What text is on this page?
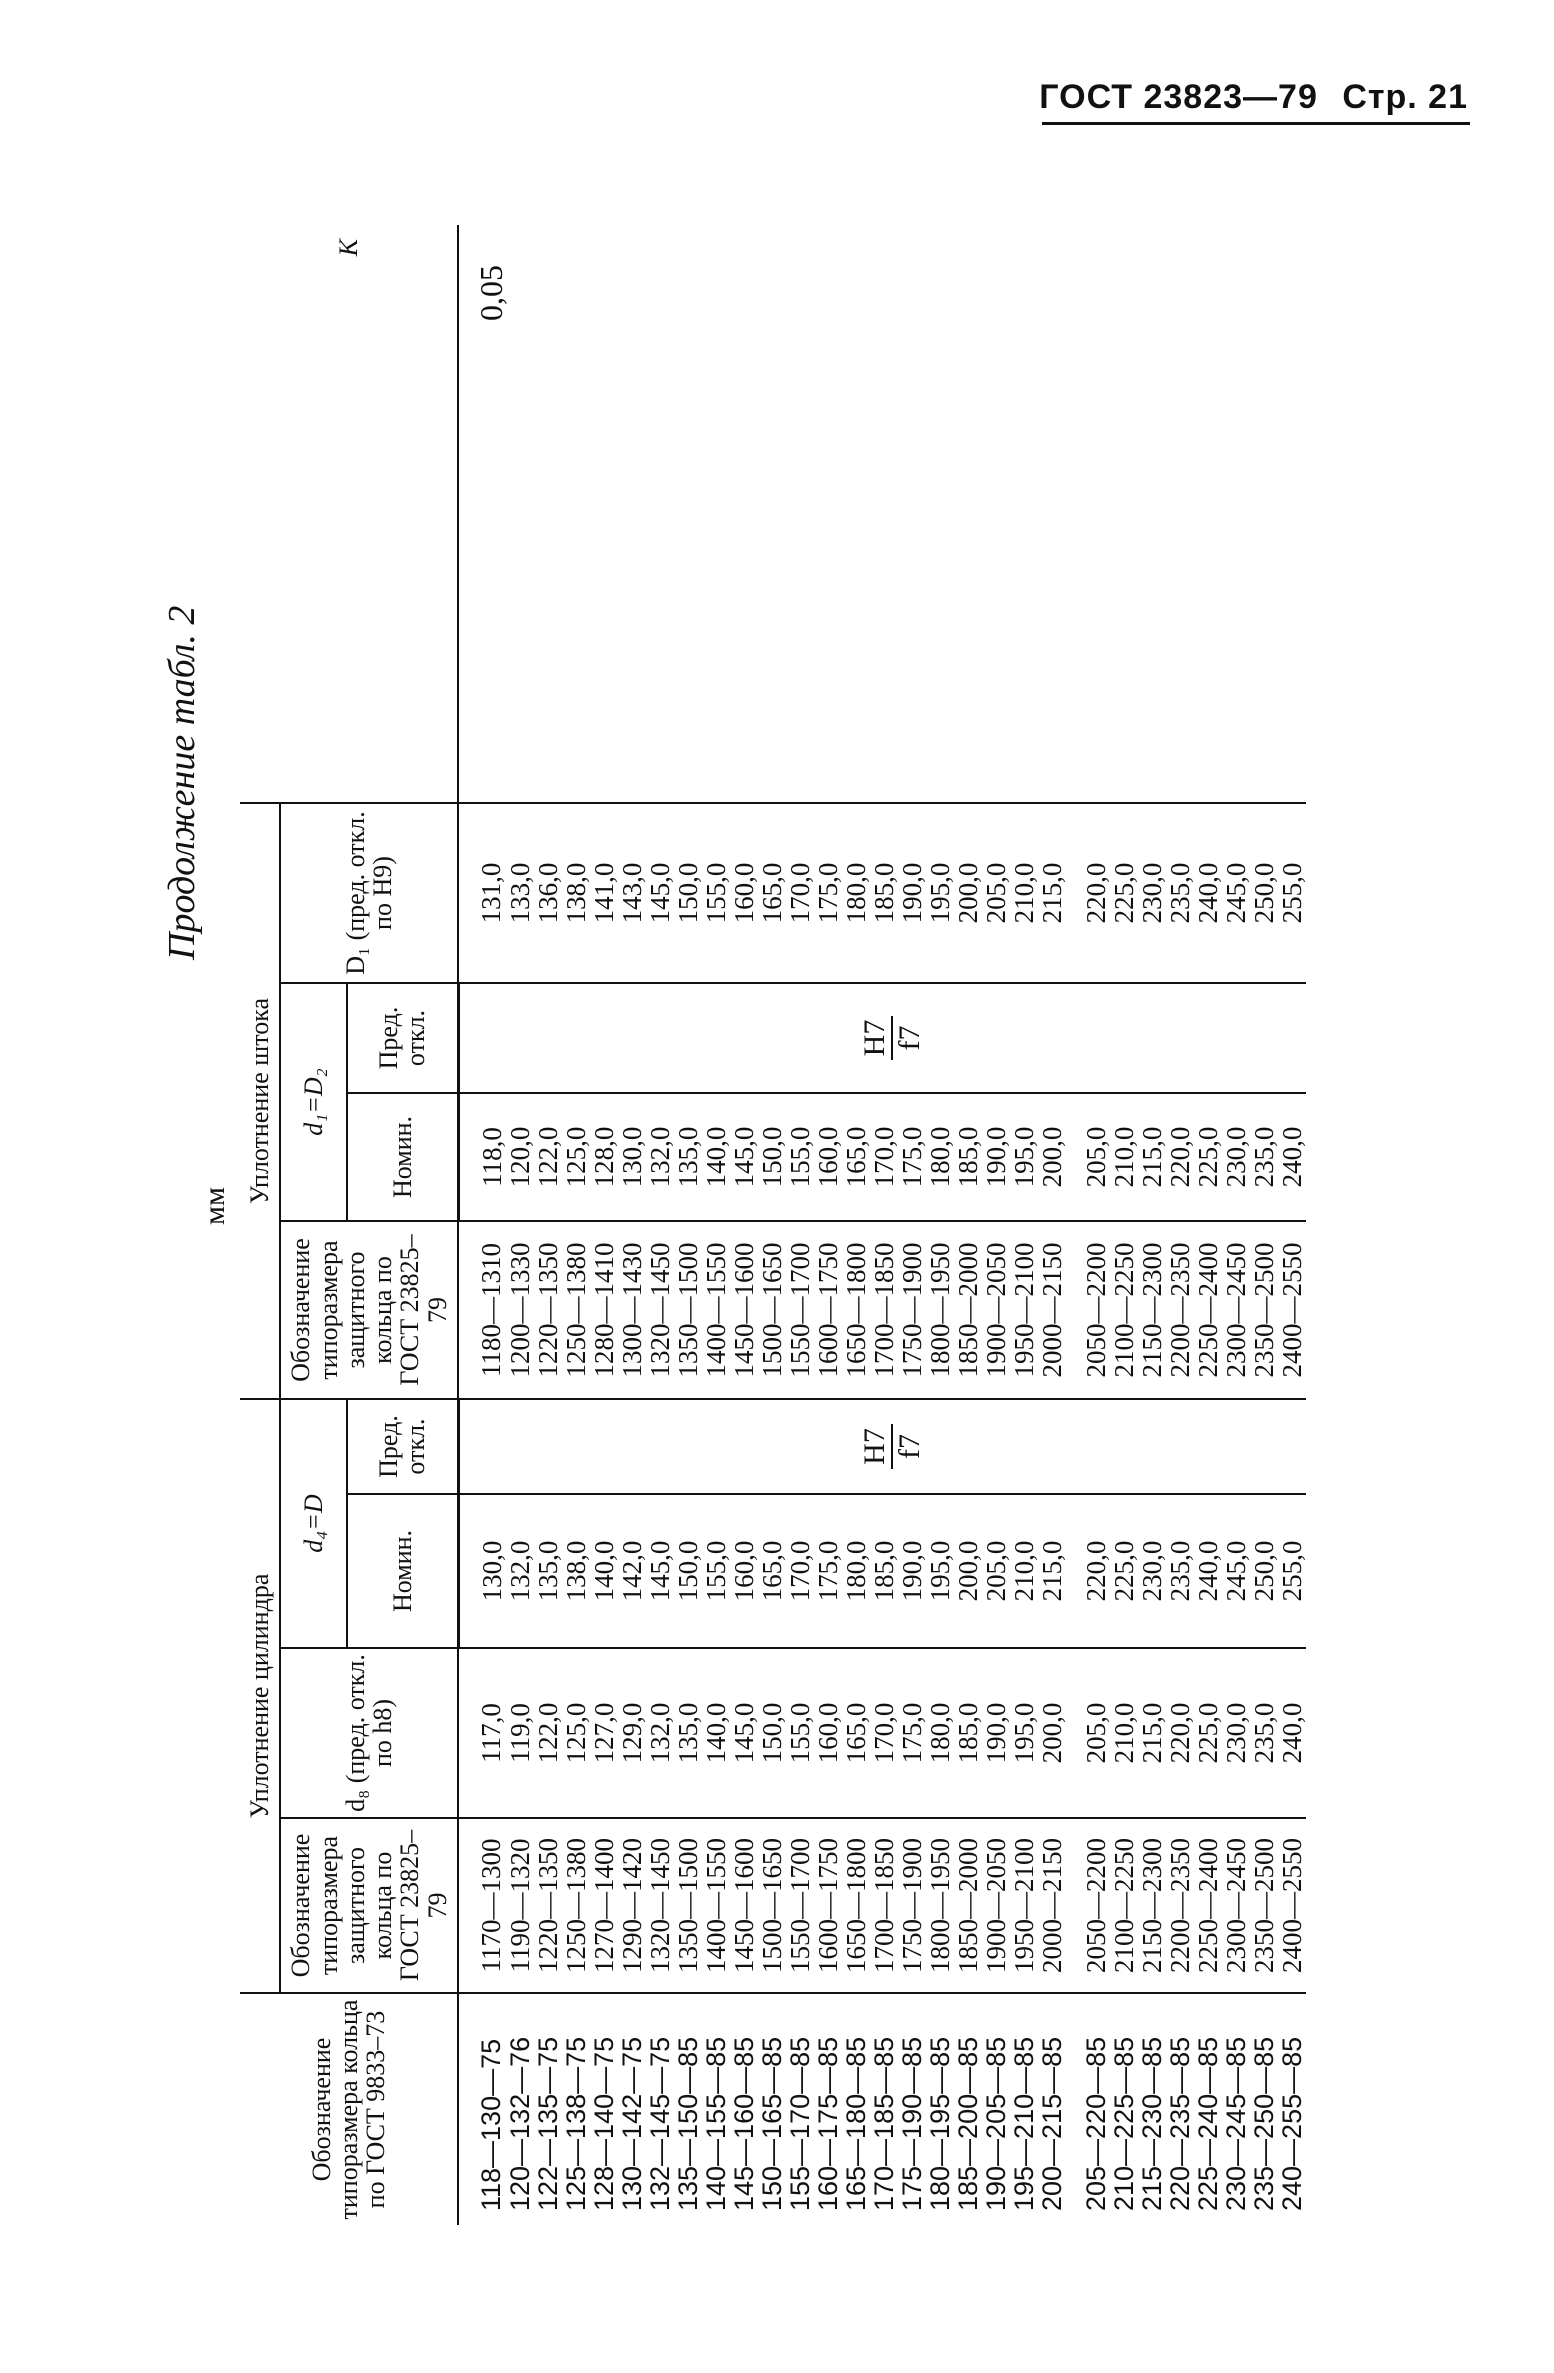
ГОСТ 23823—79 Стр. 21
Продолжение табл. 2
мм
Обозначение типоразмера кольца по ГОСТ 9833–73	Уплотнение цилиндра				Уплотнение штока				K
	Обозначение типоразмера защитного кольца по ГОСТ 23825–79	d₈ (пред. откл. по h8)	d₄=D		Обозначение типоразмера защитного кольца по ГОСТ 23825–79	d₁=D₂		D₁ (пред. откл. по H9)	
			Номин.	Пред. откл.		Номин.	Пред. откл.		
118—130—75	1170—1300	117,0	130,0	H7 f7	1180—1310	118,0	H7 f7	131,0	0,05
120—132—76	1190—1320	119,0	132,0		1200—1330	120,0		133,0	
122—135—75	1220—1350	122,0	135,0		1220—1350	122,0		136,0	
125—138—75	1250—1380	125,0	138,0		1250—1380	125,0		138,0	
128—140—75	1270—1400	127,0	140,0		1280—1410	128,0		141,0	
130—142—75	1290—1420	129,0	142,0		1300—1430	130,0		143,0	
132—145—75	1320—1450	132,0	145,0		1320—1450	132,0		145,0	
135—150—85	1350—1500	135,0	150,0		1350—1500	135,0		150,0	
140—155—85	1400—1550	140,0	155,0		1400—1550	140,0		155,0	
145—160—85	1450—1600	145,0	160,0		1450—1600	145,0		160,0	
150—165—85	1500—1650	150,0	165,0		1500—1650	150,0		165,0	
155—170—85	1550—1700	155,0	170,0		1550—1700	155,0		170,0	
160—175—85	1600—1750	160,0	175,0		1600—1750	160,0		175,0	
165—180—85	1650—1800	165,0	180,0		1650—1800	165,0		180,0	
170—185—85	1700—1850	170,0	185,0		1700—1850	170,0		185,0	
175—190—85	1750—1900	175,0	190,0		1750—1900	175,0		190,0	
180—195—85	1800—1950	180,0	195,0		1800—1950	180,0		195,0	
185—200—85	1850—2000	185,0	200,0		1850—2000	185,0		200,0	
190—205—85	1900—2050	190,0	205,0		1900—2050	190,0		205,0	
195—210—85	1950—2100	195,0	210,0		1950—2100	195,0		210,0	
200—215—85	2000—2150	200,0	215,0		2000—2150	200,0		215,0	
205—220—85	2050—2200	205,0	220,0		2050—2200	205,0		220,0	
210—225—85	2100—2250	210,0	225,0		2100—2250	210,0		225,0	
215—230—85	2150—2300	215,0	230,0		2150—2300	215,0		230,0	
220—235—85	2200—2350	220,0	235,0		2200—2350	220,0		235,0	
225—240—85	2250—2400	225,0	240,0		2250—2400	225,0		240,0	
230—245—85	2300—2450	230,0	245,0		2300—2450	230,0		245,0	
235—250—85	2350—2500	235,0	250,0		2350—2500	235,0		250,0	
240—255—85	2400—2550	240,0	255,0		2400—2550	240,0		255,0	
